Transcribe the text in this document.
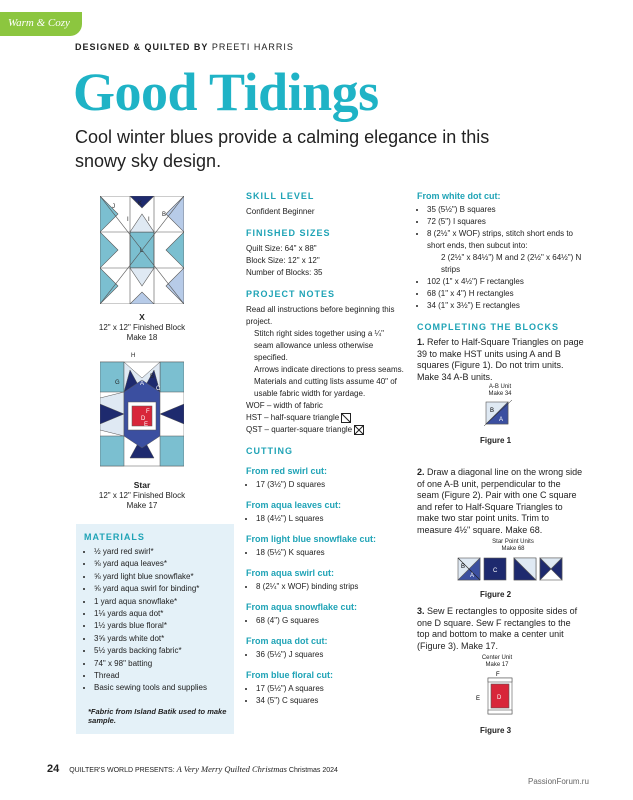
Warm & Cozy
DESIGNED & QUILTED BY PREETI HARRIS
Good Tidings
Cool winter blues provide a calming elegance in this snowy sky design.
J	K
B
I	I
L
X
12" x 12" Finished Block
Make 18
H
G
B
A
C
F
D
E
Star
12" x 12" Finished Block
Make 17
MATERIALS
• ½ yard red swirl*
• ⅝ yard aqua leaves*
• ⅝ yard light blue snowflake*
• ⅝ yard aqua swirl for binding*
• 1 yard aqua snowflake*
• 1⅛ yards aqua dot*
• 1½ yards blue floral*
• 3⅝ yards white dot*
• 5½ yards backing fabric*
• 74" x 98" batting
• Thread
• Basic sewing tools and supplies
*Fabric from Island Batik used to make sample.
SKILL LEVEL

Confident Beginner

FINISHED SIZES

Quilt Size: 64" x 88"

Block Size: 12" x 12"

Number of Blocks: 35

PROJECT NOTES

Read all instructions before beginning this project.

Stitch right sides together using a ¼" seam allowance unless otherwise specified.

Arrows indicate directions to press seams.

Materials and cutting lists assume 40" of usable fabric width for yardage.

WOF – width of fabric

HST – half-square triangle

QST – quarter-square triangle

CUTTING
From red swirl cut:
• 17 (3½") D squares
From aqua leaves cut:
• 18 (4½") L squares
From light blue snowflake cut:
• 18 (5½") K squares
From aqua swirl cut:
• 8 (2¼" x WOF) binding strips
From aqua snowflake cut:
• 68 (4") G squares
From aqua dot cut:
• 36 (5½") J squares
From blue floral cut:
• 17 (5½") A squares
• 34 (5") C squares
From white dot cut:
• 35 (5½") B squares
• 72 (5") I squares
• 8 (2½" x WOF) strips, stitch short ends to short ends, then subcut into:
2 (2½" x 84½") M and 2 (2½" x 64½") N strips
• 102 (1" x 4½") F rectangles
• 68 (1" x 4") H rectangles
• 34 (1" x 3½") E rectangles
COMPLETING THE BLOCKS

1. Refer to Half-Square Triangles on page 39 to make HST units using A and B squares (Figure 1). Do not trim units. Make 34 A-B units.

2. Draw a diagonal line on the wrong side of one A-B unit, perpendicular to the seam (Figure 2). Pair with one C square and refer to Half-Square Triangles to make two star point units. Trim to measure 4½" square. Make 68.

3. Sew E rectangles to opposite sides of one D square. Sew F rectangles to the top and bottom to make a center unit (Figure 3). Make 17.

A-B Unit
Make 34
B
A
Figure 1
Star Point Units
Make 68
B
A
C
Figure 2
Center Unit
Make 17
F
E	D
Figure 3
24 QUILTER'S WORLD PRESENTS: A Very Merry Quilted Christmas Christmas 2024
PassionForum.ru
